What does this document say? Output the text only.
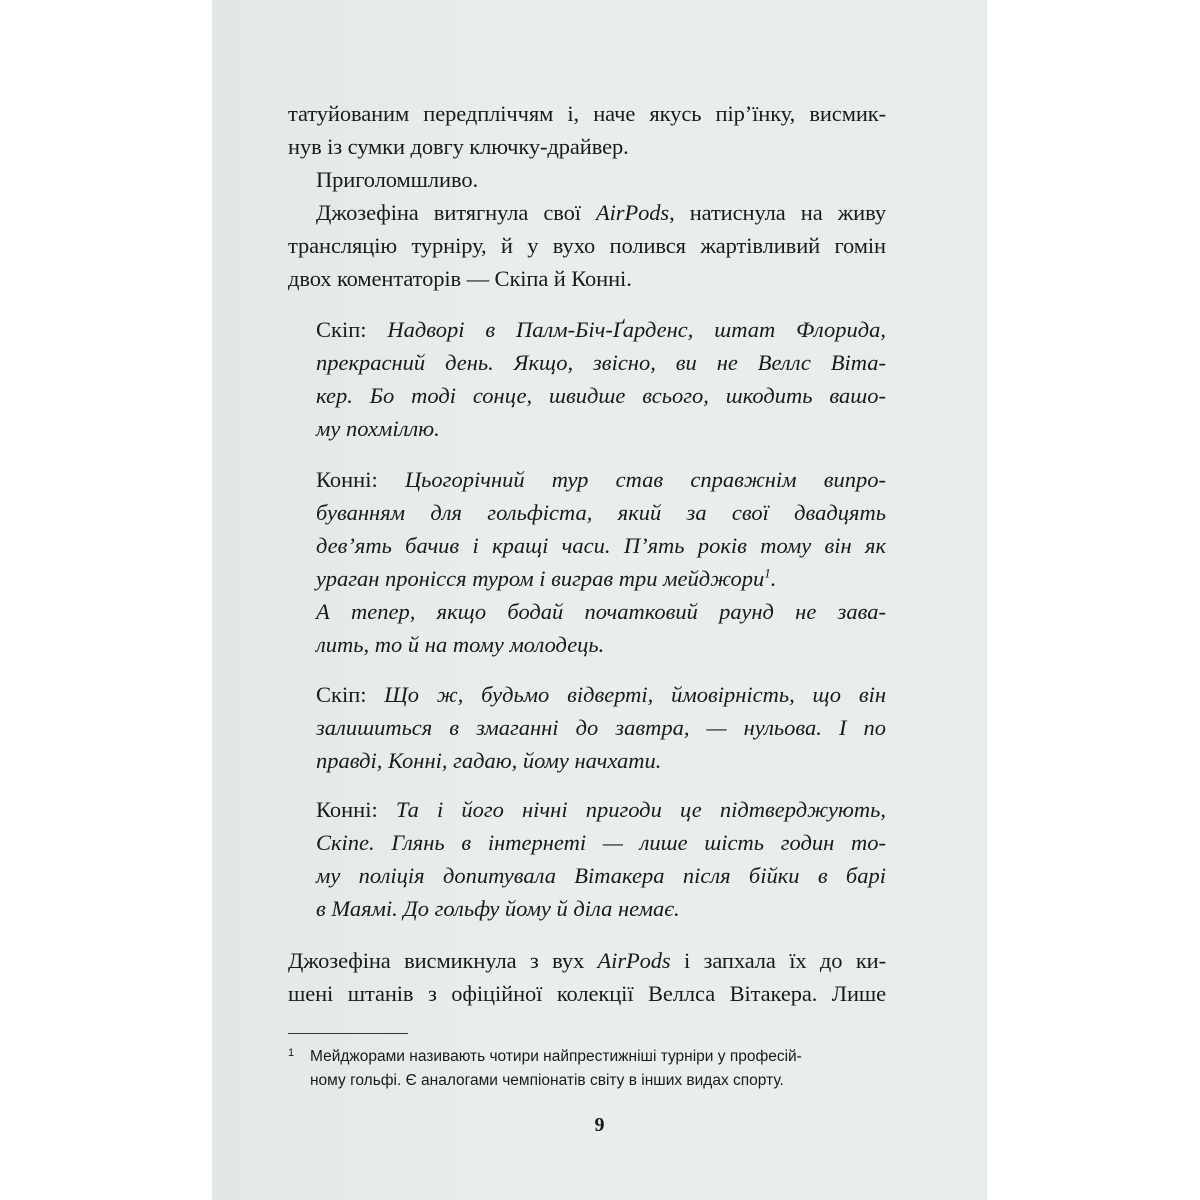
татуйованим передпліччям і, наче якусь пір’їнку, висмик-
нув із сумки довгу ключку-драйвер.
Приголомшливо.
Джозефіна витягнула свої AirPods, натиснула на живу
трансляцію турніру, й у вухо полився жартівливий гомін
двох коментаторів — Скіпа й Конні.
Скіп: Надворі в Палм-Біч-Ґарденс, штат Флорида,
прекрасний день. Якщо, звісно, ви не Веллс Віта-
кер. Бо тоді сонце, швидше всього, шкодить вашо-
му похміллю.
Конні: Цьогорічний тур став справжнім випро-
буванням для гольфіста, який за свої двадцять
дев’ять бачив і кращі часи. П’ять років тому він як
ураган пронісся туром і виграв три мейджори$^1$.
А тепер, якщо бодай початковий раунд не зава-
лить, то й на тому молодець.
Скіп: Що ж, будьмо відверті, ймовірність, що він
залишиться в змаганні до завтра, — нульова. І по
правді, Конні, гадаю, йому начхати.
Конні: Та і його нічні пригоди це підтверджують,
Скіпе. Глянь в інтернеті — лише шість годин то-
му поліція допитувала Вітакера після бійки в барі
в Маямі. До гольфу йому й діла немає.
Джозефіна висмикнула з вух AirPods і запхала їх до ки-
шені штанів з офіційної колекції Веллса Вітакера. Лише
1 Мейджорами називають чотири найпрестижніші турніри у професій-
ному гольфі. Є аналогами чемпіонатів світу в інших видах спорту.
9
